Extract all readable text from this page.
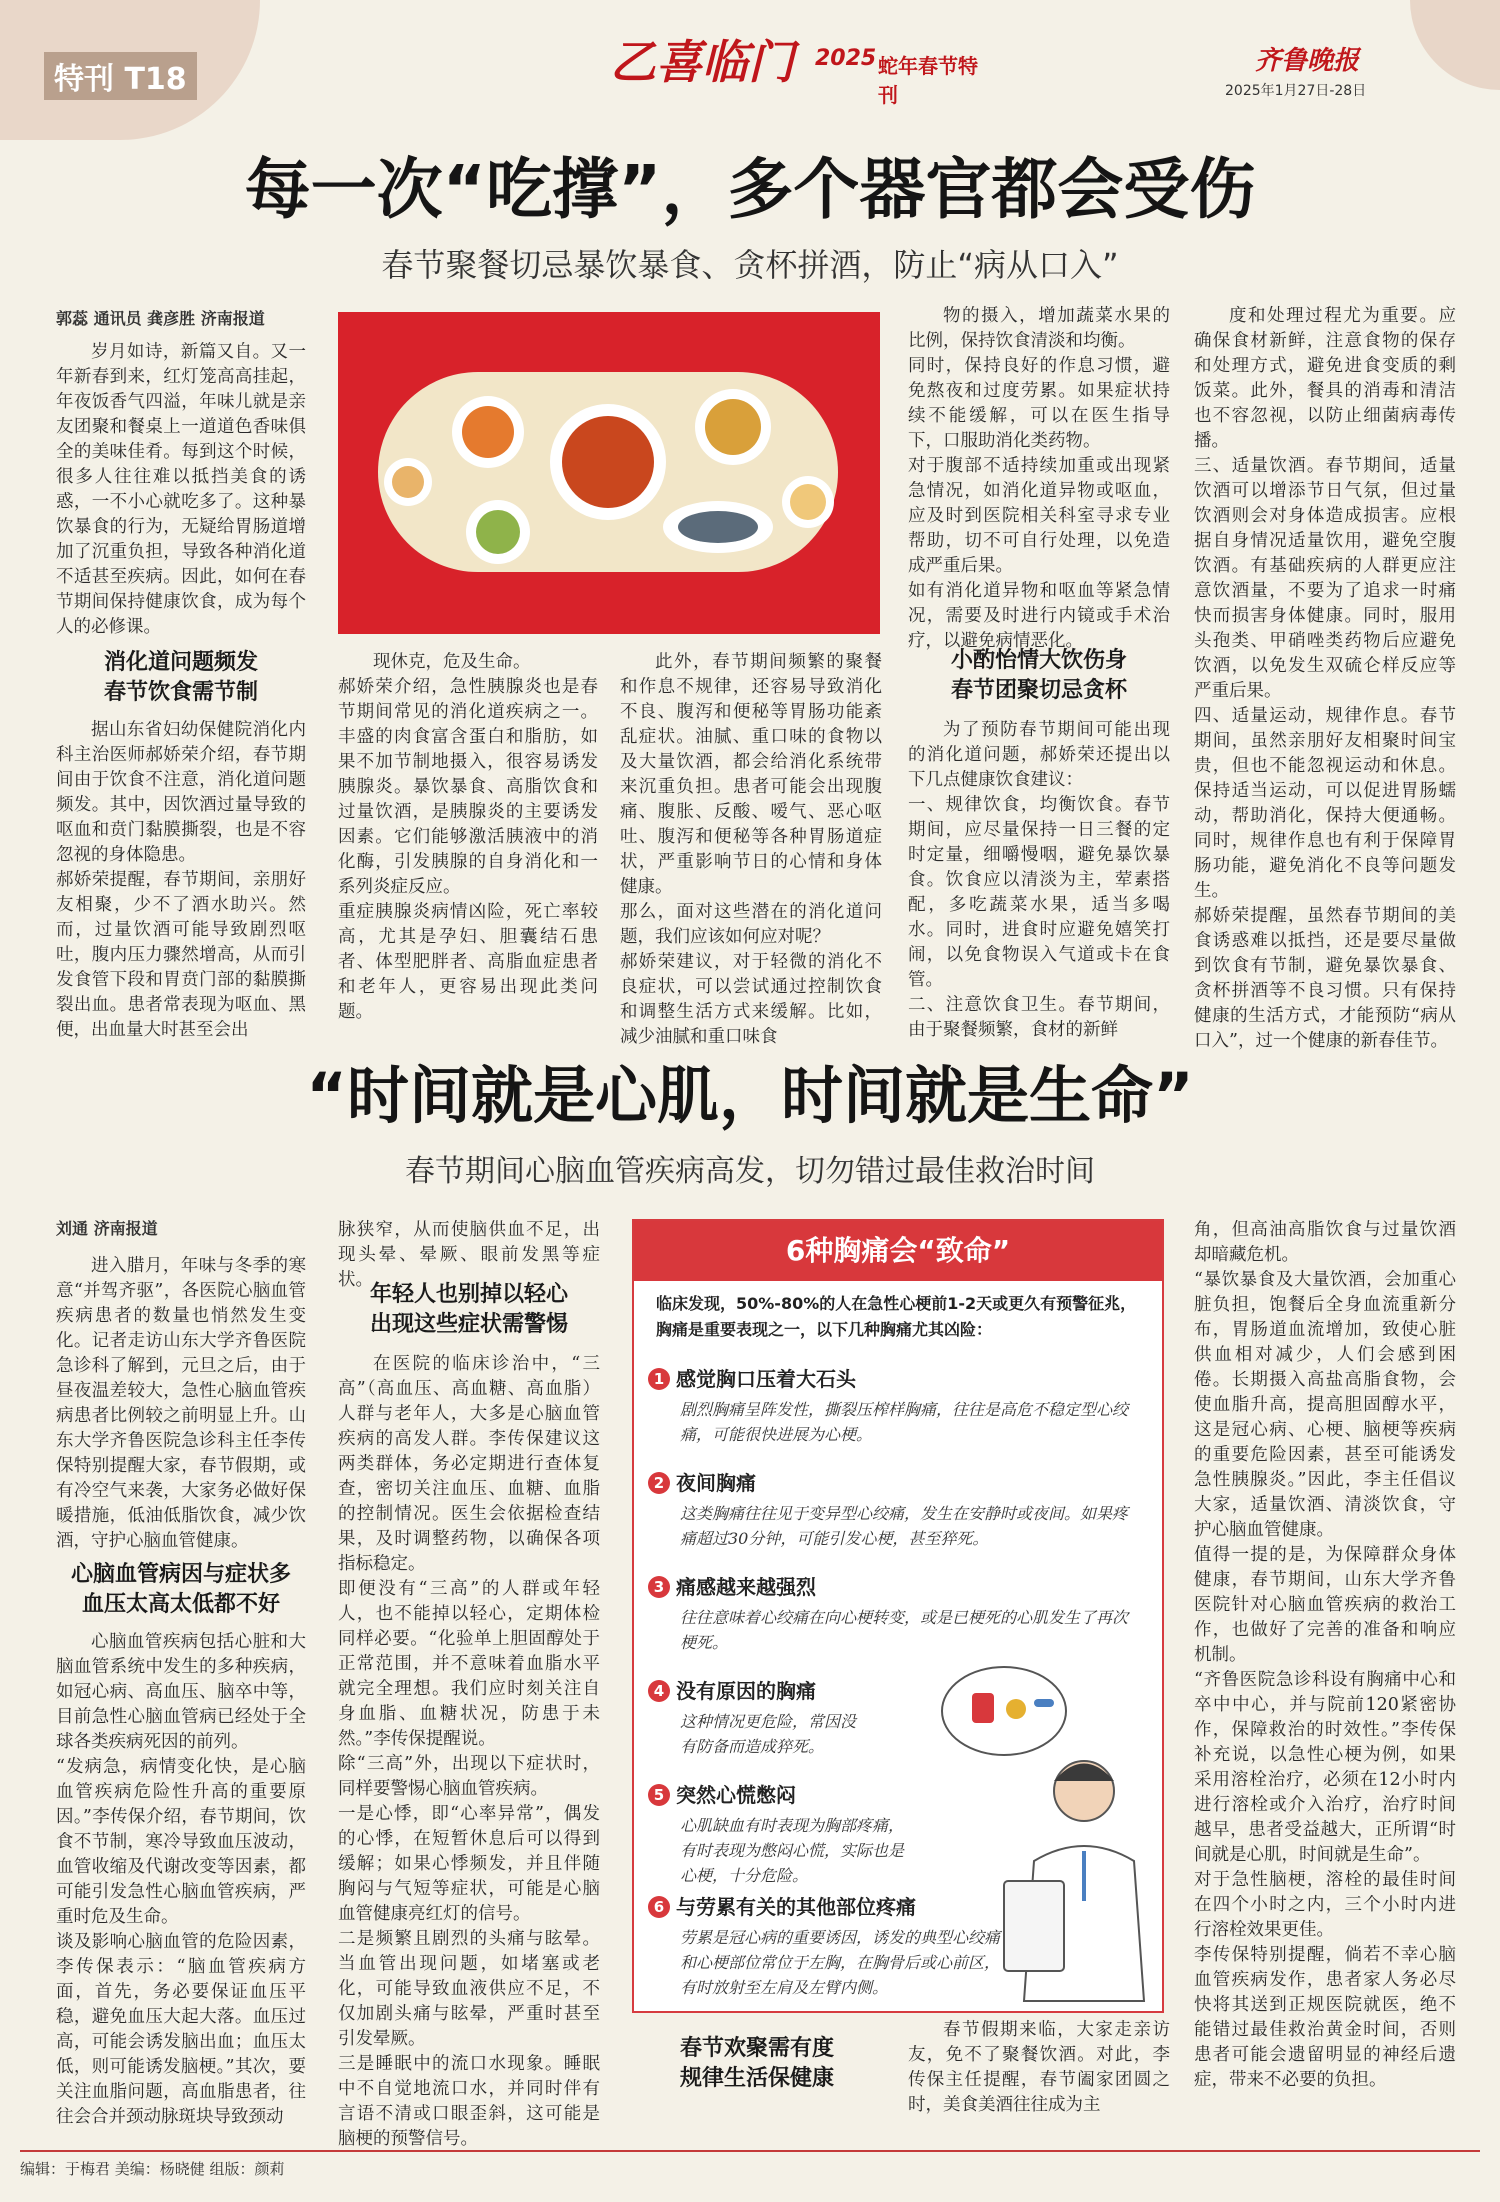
特刊 T18	乙喜临门 2025 蛇年春节特刊
齐鲁晚报
2025年1月27日-28日
每一次“吃撑”，多个器官都会受伤
春节聚餐切忌暴饮暴食、贪杯拼酒，防止“病从口入”
郭蕊 通讯员 龚彦胜 济南报道

岁月如诗，新篇又自。又一年新春到来，红灯笼高高挂起，年夜饭香气四溢，年味儿就是亲友团聚和餐桌上一道道色香味俱全的美味佳肴。每到这个时候，很多人往往难以抵挡美食的诱惑，一不小心就吃多了。这种暴饮暴食的行为，无疑给胃肠道增加了沉重负担，导致各种消化道不适甚至疾病。因此，如何在春节期间保持健康饮食，成为每个人的必修课。

消化道问题频发
春节饮食需节制

据山东省妇幼保健院消化内科主治医师郝娇荣介绍，春节期间由于饮食不注意，消化道问题频发。其中，因饮酒过量导致的呕血和贲门黏膜撕裂，也是不容忽视的身体隐患。
郝娇荣提醒，春节期间，亲朋好友相聚，少不了酒水助兴。然而，过量饮酒可能导致剧烈呕吐，腹内压力骤然增高，从而引发食管下段和胃贲门部的黏膜撕裂出血。患者常表现为呕血、黑便，出血量大时甚至会出

现休克，危及生命。
郝娇荣介绍，急性胰腺炎也是春节期间常见的消化道疾病之一。丰盛的肉食富含蛋白和脂肪，如果不加节制地摄入，很容易诱发胰腺炎。暴饮暴食、高脂饮食和过量饮酒，是胰腺炎的主要诱发因素。它们能够激活胰液中的消化酶，引发胰腺的自身消化和一系列炎症反应。
重症胰腺炎病情凶险，死亡率较高，尤其是孕妇、胆囊结石患者、体型肥胖者、高脂血症患者和老年人，更容易出现此类问题。

此外，春节期间频繁的聚餐和作息不规律，还容易导致消化不良、腹泻和便秘等胃肠功能紊乱症状。油腻、重口味的食物以及大量饮酒，都会给消化系统带来沉重负担。患者可能会出现腹痛、腹胀、反酸、嗳气、恶心呕吐、腹泻和便秘等各种胃肠道症状，严重影响节日的心情和身体健康。
那么，面对这些潜在的消化道问题，我们应该如何应对呢？
郝娇荣建议，对于轻微的消化不良症状，可以尝试通过控制饮食和调整生活方式来缓解。比如，减少油腻和重口味食

物的摄入，增加蔬菜水果的比例，保持饮食清淡和均衡。
同时，保持良好的作息习惯，避免熬夜和过度劳累。如果症状持续不能缓解，可以在医生指导下，口服助消化类药物。
对于腹部不适持续加重或出现紧急情况，如消化道异物或呕血，应及时到医院相关科室寻求专业帮助，切不可自行处理，以免造成严重后果。
如有消化道异物和呕血等紧急情况，需要及时进行内镜或手术治疗，以避免病情恶化。

小酌怡情大饮伤身
春节团聚切忌贪杯

为了预防春节期间可能出现的消化道问题，郝娇荣还提出以下几点健康饮食建议：
一、规律饮食，均衡饮食。春节期间，应尽量保持一日三餐的定时定量，细嚼慢咽，避免暴饮暴食。饮食应以清淡为主，荤素搭配，多吃蔬菜水果，适当多喝水。同时，进食时应避免嬉笑打闹，以免食物误入气道或卡在食管。
二、注意饮食卫生。春节期间，由于聚餐频繁，食材的新鲜

度和处理过程尤为重要。应确保食材新鲜，注意食物的保存和处理方式，避免进食变质的剩饭菜。此外，餐具的消毒和清洁也不容忽视，以防止细菌病毒传播。
三、适量饮酒。春节期间，适量饮酒可以增添节日气氛，但过量饮酒则会对身体造成损害。应根据自身情况适量饮用，避免空腹饮酒。有基础疾病的人群更应注意饮酒量，不要为了追求一时痛快而损害身体健康。同时，服用头孢类、甲硝唑类药物后应避免饮酒，以免发生双硫仑样反应等严重后果。
四、适量运动，规律作息。春节期间，虽然亲朋好友相聚时间宝贵，但也不能忽视运动和休息。保持适当运动，可以促进胃肠蠕动，帮助消化，保持大便通畅。同时，规律作息也有利于保障胃肠功能，避免消化不良等问题发生。
郝娇荣提醒，虽然春节期间的美食诱惑难以抵挡，还是要尽量做到饮食有节制，避免暴饮暴食、贪杯拼酒等不良习惯。只有保持健康的生活方式，才能预防“病从口入”，过一个健康的新春佳节。

“时间就是心肌，时间就是生命”
春节期间心脑血管疾病高发，切勿错过最佳救治时间
刘通 济南报道

进入腊月，年味与冬季的寒意“并驾齐驱”，各医院心脑血管疾病患者的数量也悄然发生变化。记者走访山东大学齐鲁医院急诊科了解到，元旦之后，由于昼夜温差较大，急性心脑血管疾病患者比例较之前明显上升。山东大学齐鲁医院急诊科主任李传保特别提醒大家，春节假期，或有冷空气来袭，大家务必做好保暖措施，低油低脂饮食，减少饮酒，守护心脑血管健康。

心脑血管病因与症状多
血压太高太低都不好

心脑血管疾病包括心脏和大脑血管系统中发生的多种疾病，如冠心病、高血压、脑卒中等，目前急性心脑血管病已经处于全球各类疾病死因的前列。
“发病急，病情变化快，是心脑血管疾病危险性升高的重要原因。”李传保介绍，春节期间，饮食不节制，寒冷导致血压波动，血管收缩及代谢改变等因素，都可能引发急性心脑血管疾病，严重时危及生命。
谈及影响心脑血管的危险因素，李传保表示：“脑血管疾病方面，首先，务必要保证血压平稳，避免血压大起大落。血压过高，可能会诱发脑出血；血压太低，则可能诱发脑梗。”其次，要关注血脂问题，高血脂患者，往往会合并颈动脉斑块导致颈动

脉狭窄，从而使脑供血不足，出现头晕、晕厥、眼前发黑等症状。

年轻人也别掉以轻心
出现这些症状需警惕

在医院的临床诊治中，“三高”（高血压、高血糖、高血脂）人群与老年人，大多是心脑血管疾病的高发人群。李传保建议这两类群体，务必定期进行查体复查，密切关注血压、血糖、血脂的控制情况。医生会依据检查结果，及时调整药物，以确保各项指标稳定。
即便没有“三高”的人群或年轻人，也不能掉以轻心，定期体检同样必要。“化验单上胆固醇处于正常范围，并不意味着血脂水平就完全理想。我们应时刻关注自身血脂、血糖状况，防患于未然。”李传保提醒说。
除“三高”外，出现以下症状时，同样要警惕心脑血管疾病。
一是心悸，即“心率异常”，偶发的心悸，在短暂休息后可以得到缓解；如果心悸频发，并且伴随胸闷与气短等症状，可能是心脑血管健康亮红灯的信号。
二是频繁且剧烈的头痛与眩晕。当血管出现问题，如堵塞或老化，可能导致血液供应不足，不仅加剧头痛与眩晕，严重时甚至引发晕厥。
三是睡眠中的流口水现象。睡眠中不自觉地流口水，并同时伴有言语不清或口眼歪斜，这可能是脑梗的预警信号。

6种胸痛会“致命”
临床发现，50%-80%的人在急性心梗前1-2天或更久有预警征兆，胸痛是重要表现之一，以下几种胸痛尤其凶险：
1 感觉胸口压着大石头
剧烈胸痛呈阵发性，撕裂压榨样胸痛，往往是高危不稳定型心绞痛，可能很快进展为心梗。
2 夜间胸痛
这类胸痛往往见于变异型心绞痛，发生在安静时或夜间。如果疼痛超过30分钟，可能引发心梗，甚至猝死。
3 痛感越来越强烈
往往意味着心绞痛在向心梗转变，或是已梗死的心肌发生了再次梗死。
4 没有原因的胸痛
这种情况更危险，常因没有防备而造成猝死。
5 突然心慌憋闷
心肌缺血有时表现为胸部疼痛，有时表现为憋闷心慌，实际也是心梗，十分危险。
6 与劳累有关的其他部位疼痛
劳累是冠心病的重要诱因，诱发的典型心绞痛和心梗部位常位于左胸，在胸骨后或心前区，有时放射至左肩及左臂内侧。
春节欢聚需有度
规律生活保健康

春节假期来临，大家走亲访友，免不了聚餐饮酒。对此，李传保主任提醒，春节阖家团圆之时，美食美酒往往成为主

角，但高油高脂饮食与过量饮酒却暗藏危机。
“暴饮暴食及大量饮酒，会加重心脏负担，饱餐后全身血流重新分布，胃肠道血流增加，致使心脏供血相对减少，人们会感到困倦。长期摄入高盐高脂食物，会使血脂升高，提高胆固醇水平，这是冠心病、心梗、脑梗等疾病的重要危险因素，甚至可能诱发急性胰腺炎。”因此，李主任倡议大家，适量饮酒、清淡饮食，守护心脑血管健康。
值得一提的是，为保障群众身体健康，春节期间，山东大学齐鲁医院针对心脑血管疾病的救治工作，也做好了完善的准备和响应机制。
“齐鲁医院急诊科设有胸痛中心和卒中中心，并与院前120紧密协作，保障救治的时效性。”李传保补充说，以急性心梗为例，如果采用溶栓治疗，必须在12小时内进行溶栓或介入治疗，治疗时间越早，患者受益越大，正所谓“时间就是心肌，时间就是生命”。
对于急性脑梗，溶栓的最佳时间在四个小时之内，三个小时内进行溶栓效果更佳。
李传保特别提醒，倘若不幸心脑血管疾病发作，患者家人务必尽快将其送到正规医院就医，绝不能错过最佳救治黄金时间，否则患者可能会遗留明显的神经后遗症，带来不必要的负担。

编辑：于梅君 美编：杨晓健 组版：颜莉
